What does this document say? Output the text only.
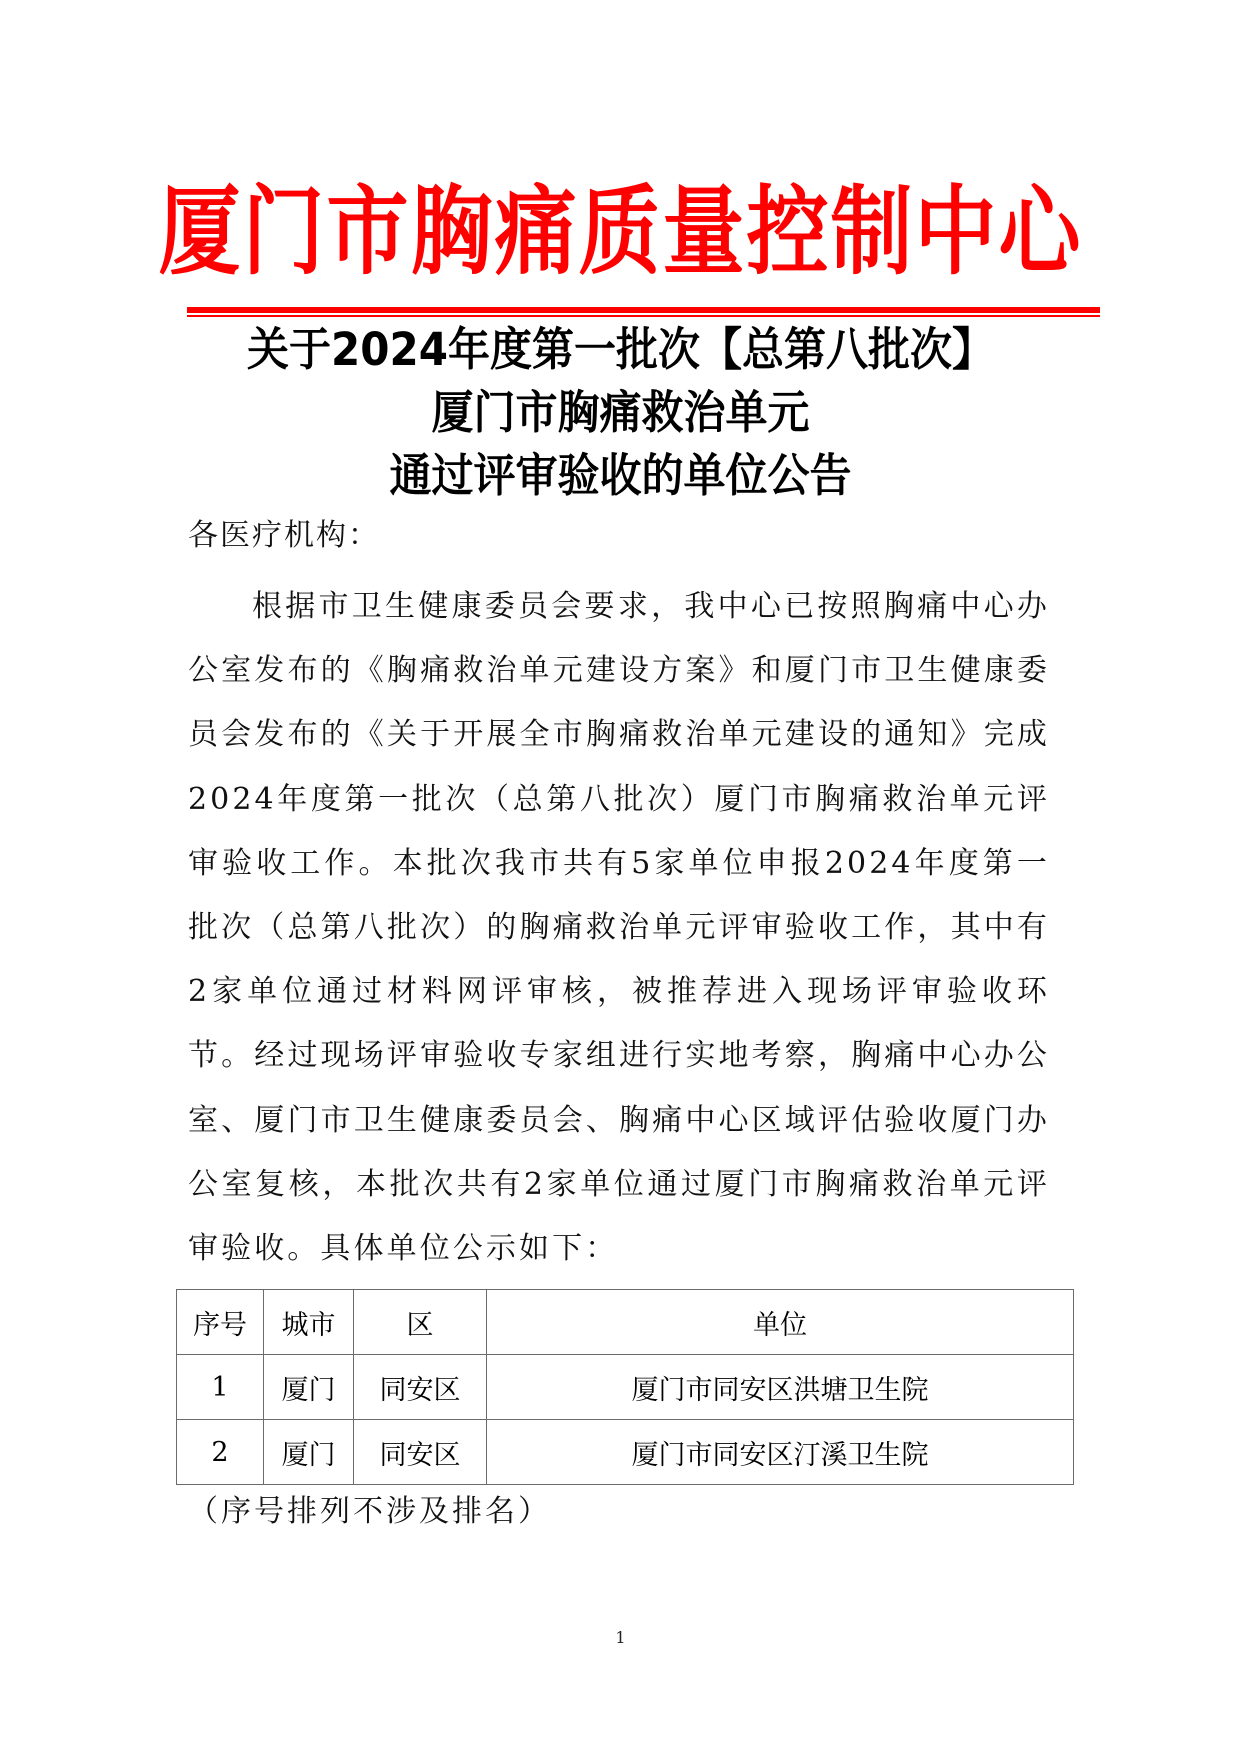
厦门市胸痛质量控制中心
关于2024年度第一批次【总第八批次】
厦门市胸痛救治单元
通过评审验收的单位公告
各医疗机构：
根据市卫生健康委员会要求，我中心已按照胸痛中心办公室发布的《胸痛救治单元建设方案》和厦门市卫生健康委员会发布的《关于开展全市胸痛救治单元建设的通知》完成2024年度第一批次（总第八批次）厦门市胸痛救治单元评审验收工作。本批次我市共有5家单位申报2024年度第一批次（总第八批次）的胸痛救治单元评审验收工作，其中有2家单位通过材料网评审核，被推荐进入现场评审验收环节。经过现场评审验收专家组进行实地考察，胸痛中心办公室、厦门市卫生健康委员会、胸痛中心区域评估验收厦门办公室复核，本批次共有2家单位通过厦门市胸痛救治单元评审验收。具体单位公示如下：
序号	城市	区	单位
1	厦门	同安区	厦门市同安区洪塘卫生院
2	厦门	同安区	厦门市同安区汀溪卫生院
（序号排列不涉及排名）
1
